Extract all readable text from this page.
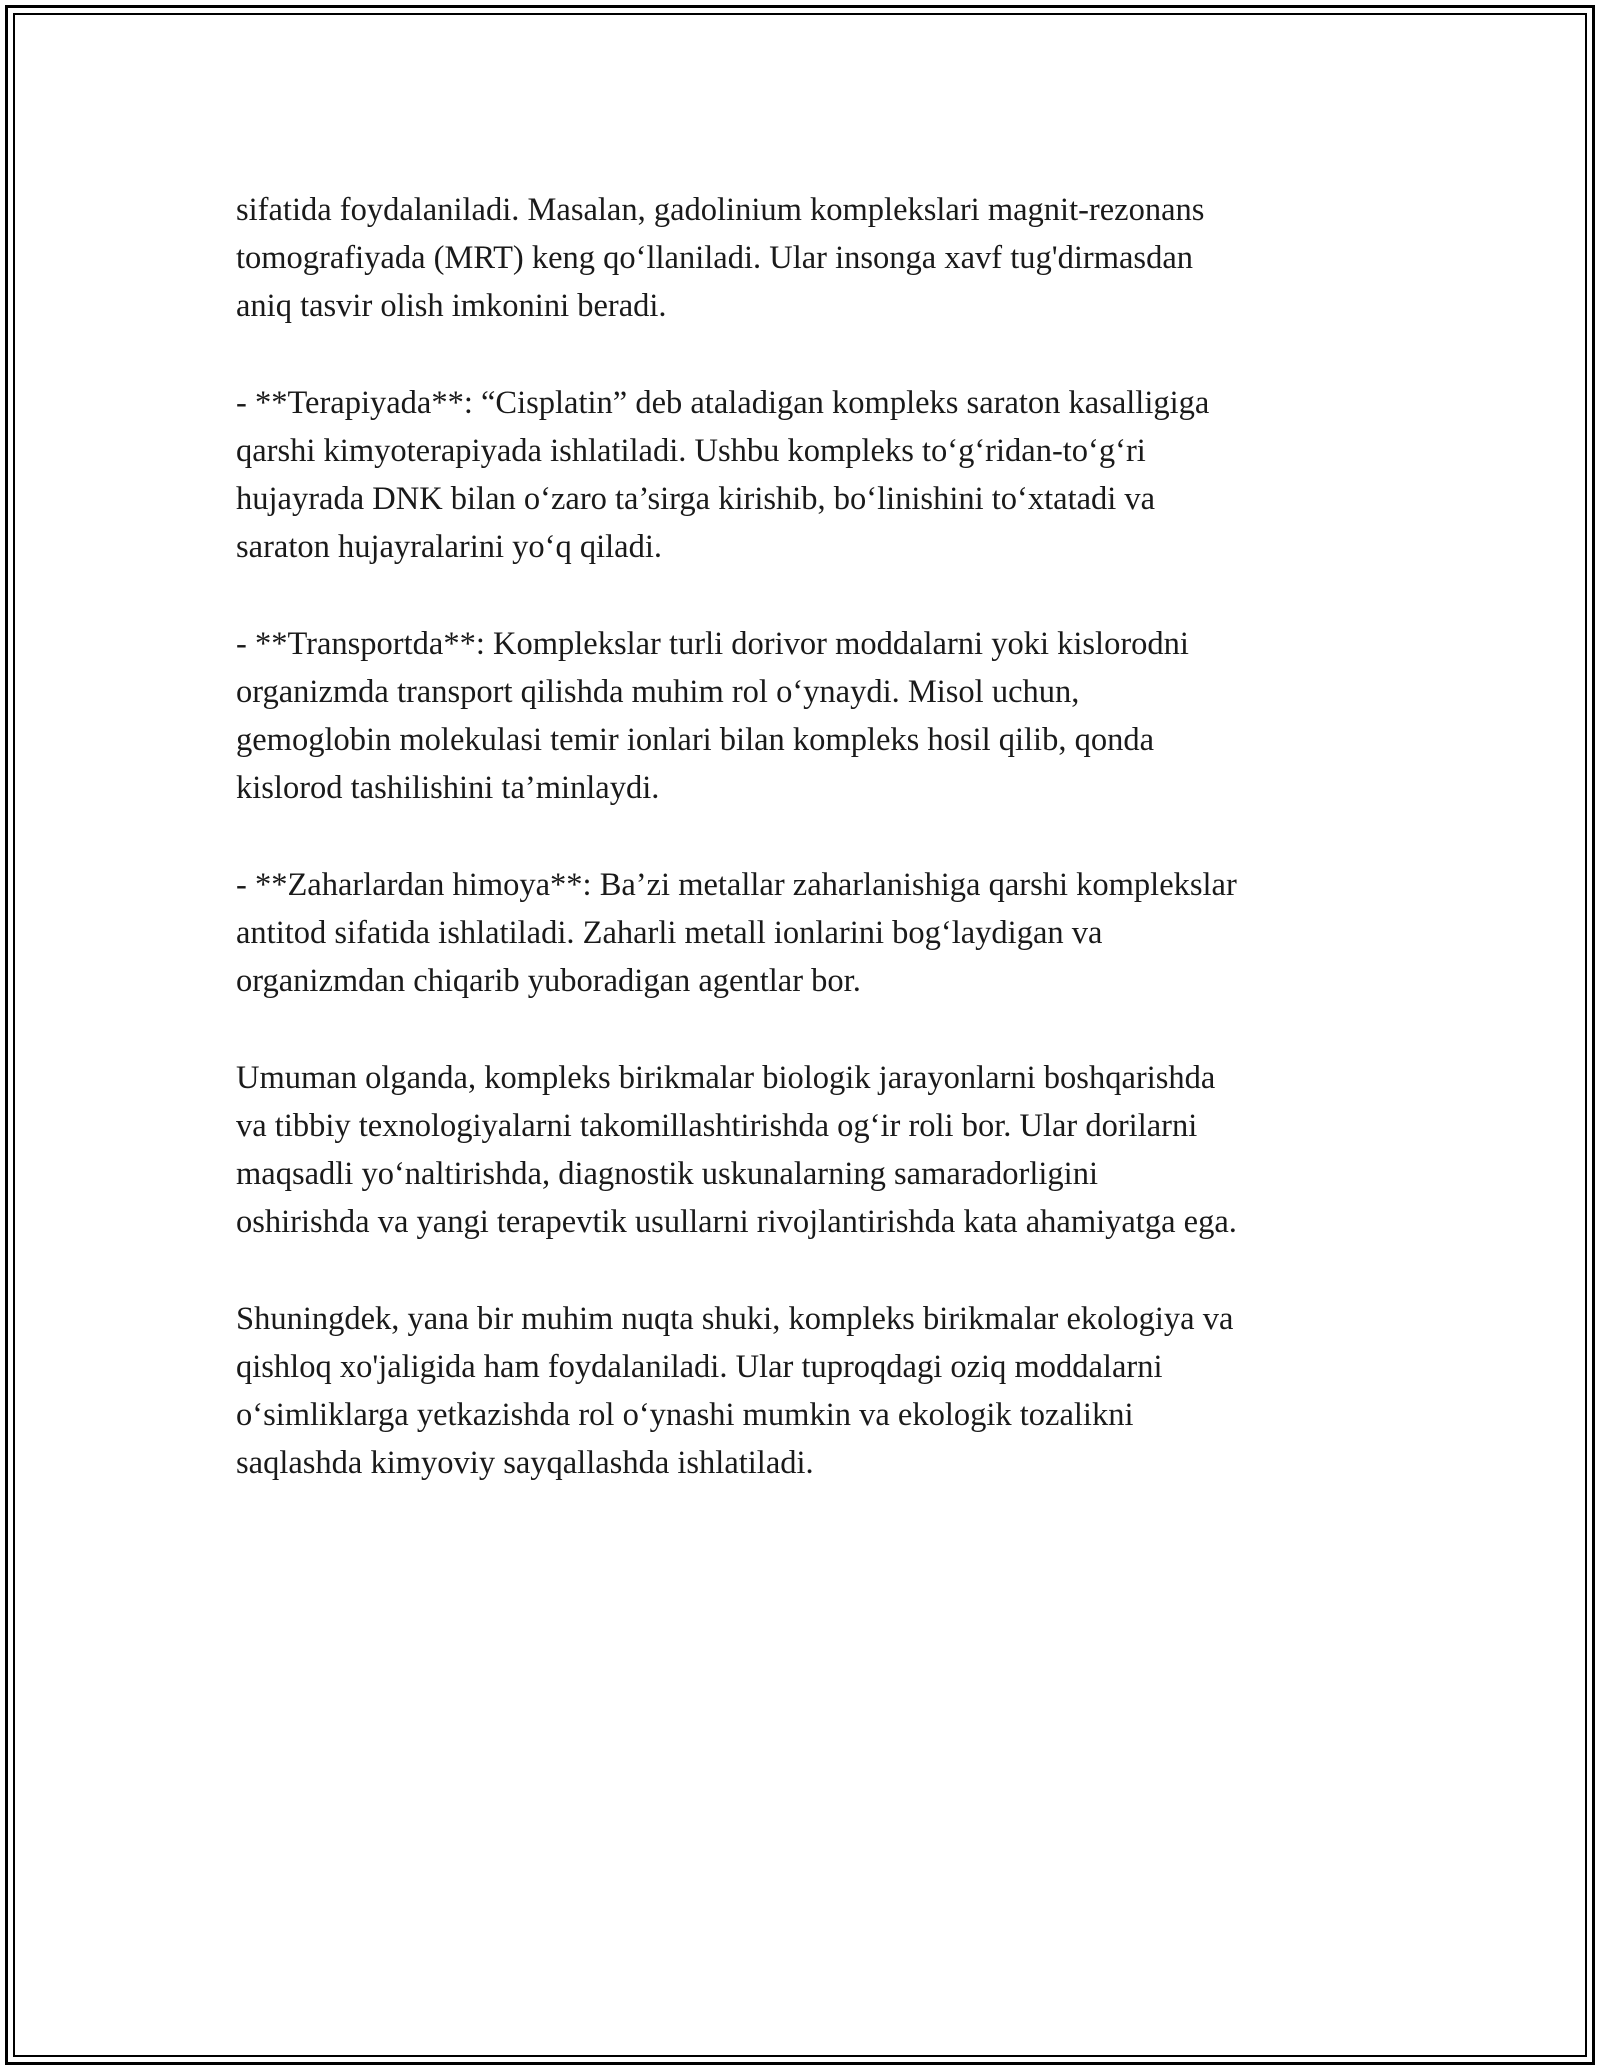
sifatida foydalaniladi. Masalan, gadolinium komplekslari magnit-rezonans
tomografiyada (MRT) keng qo‘llaniladi. Ular insonga xavf tug'dirmasdan
aniq tasvir olish imkonini beradi.

- **Terapiyada**: “Cisplatin” deb ataladigan kompleks saraton kasalligiga
qarshi kimyoterapiyada ishlatiladi. Ushbu kompleks to‘g‘ridan-to‘g‘ri
hujayrada DNK bilan o‘zaro ta’sirga kirishib, bo‘linishini to‘xtatadi va
saraton hujayralarini yo‘q qiladi.

- **Transportda**: Komplekslar turli dorivor moddalarni yoki kislorodni
organizmda transport qilishda muhim rol o‘ynaydi. Misol uchun,
gemoglobin molekulasi temir ionlari bilan kompleks hosil qilib, qonda
kislorod tashilishini ta’minlaydi.

- **Zaharlardan himoya**: Ba’zi metallar zaharlanishiga qarshi komplekslar
antitod sifatida ishlatiladi. Zaharli metall ionlarini bog‘laydigan va
organizmdan chiqarib yuboradigan agentlar bor.

Umuman olganda, kompleks birikmalar biologik jarayonlarni boshqarishda
va tibbiy texnologiyalarni takomillashtirishda og‘ir roli bor. Ular dorilarni
maqsadli yo‘naltirishda, diagnostik uskunalarning samaradorligini
oshirishda va yangi terapevtik usullarni rivojlantirishda kata ahamiyatga ega.

Shuningdek, yana bir muhim nuqta shuki, kompleks birikmalar ekologiya va
qishloq xo'jaligida ham foydalaniladi. Ular tuproqdagi oziq moddalarni
o‘simliklarga yetkazishda rol o‘ynashi mumkin va ekologik tozalikni
saqlashda kimyoviy sayqallashda ishlatiladi.
